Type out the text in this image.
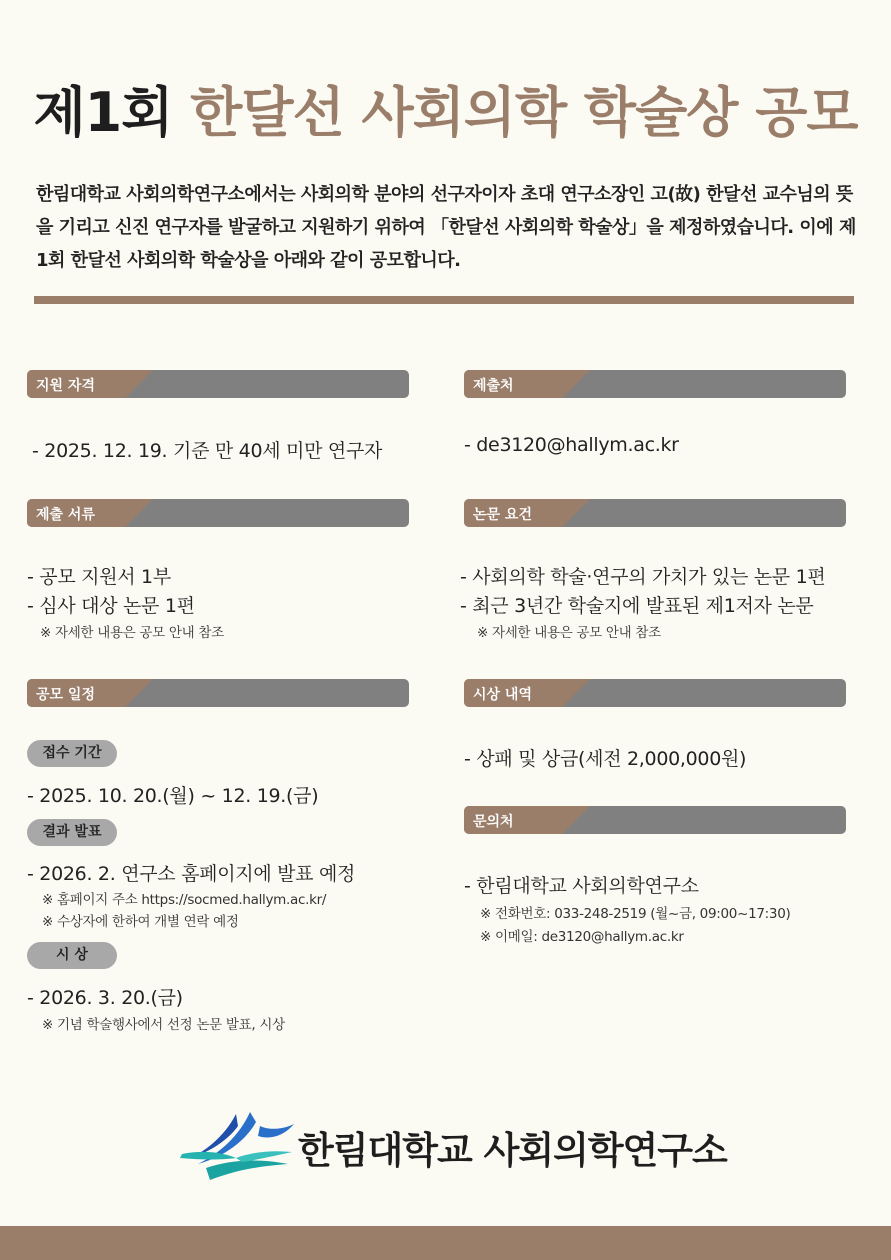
제1회 한달선 사회의학 학술상 공모
한림대학교 사회의학연구소에서는 사회의학 분야의 선구자이자 초대 연구소장인 고(故) 한달선 교수님의 뜻을 기리고 신진 연구자를 발굴하고 지원하기 위하여 「한달선 사회의학 학술상」을 제정하였습니다. 이에 제1회 한달선 사회의학 학술상을 아래와 같이 공모합니다.
지원 자격
- 2025. 12. 19. 기준 만 40세 미만 연구자
제출처
- de3120@hallym.ac.kr
제출 서류
- 공모 지원서 1부
- 심사 대상 논문 1편
※ 자세한 내용은 공모 안내 참조
논문 요건
- 사회의학 학술·연구의 가치가 있는 논문 1편
- 최근 3년간 학술지에 발표된 제1저자 논문
※ 자세한 내용은 공모 안내 참조
공모 일정
접수 기간
- 2025. 10. 20.(월) ~ 12. 19.(금)
결과 발표
- 2026. 2. 연구소 홈페이지에 발표 예정
※ 홈페이지 주소 https://socmed.hallym.ac.kr/
※ 수상자에 한하여 개별 연락 예정
시 상
- 2026. 3. 20.(금)
※ 기념 학술행사에서 선정 논문 발표, 시상
시상 내역
- 상패 및 상금(세전 2,000,000원)
문의처
- 한림대학교 사회의학연구소
※ 전화번호: 033-248-2519 (월~금, 09:00~17:30)
※ 이메일: de3120@hallym.ac.kr
한림대학교 사회의학연구소
